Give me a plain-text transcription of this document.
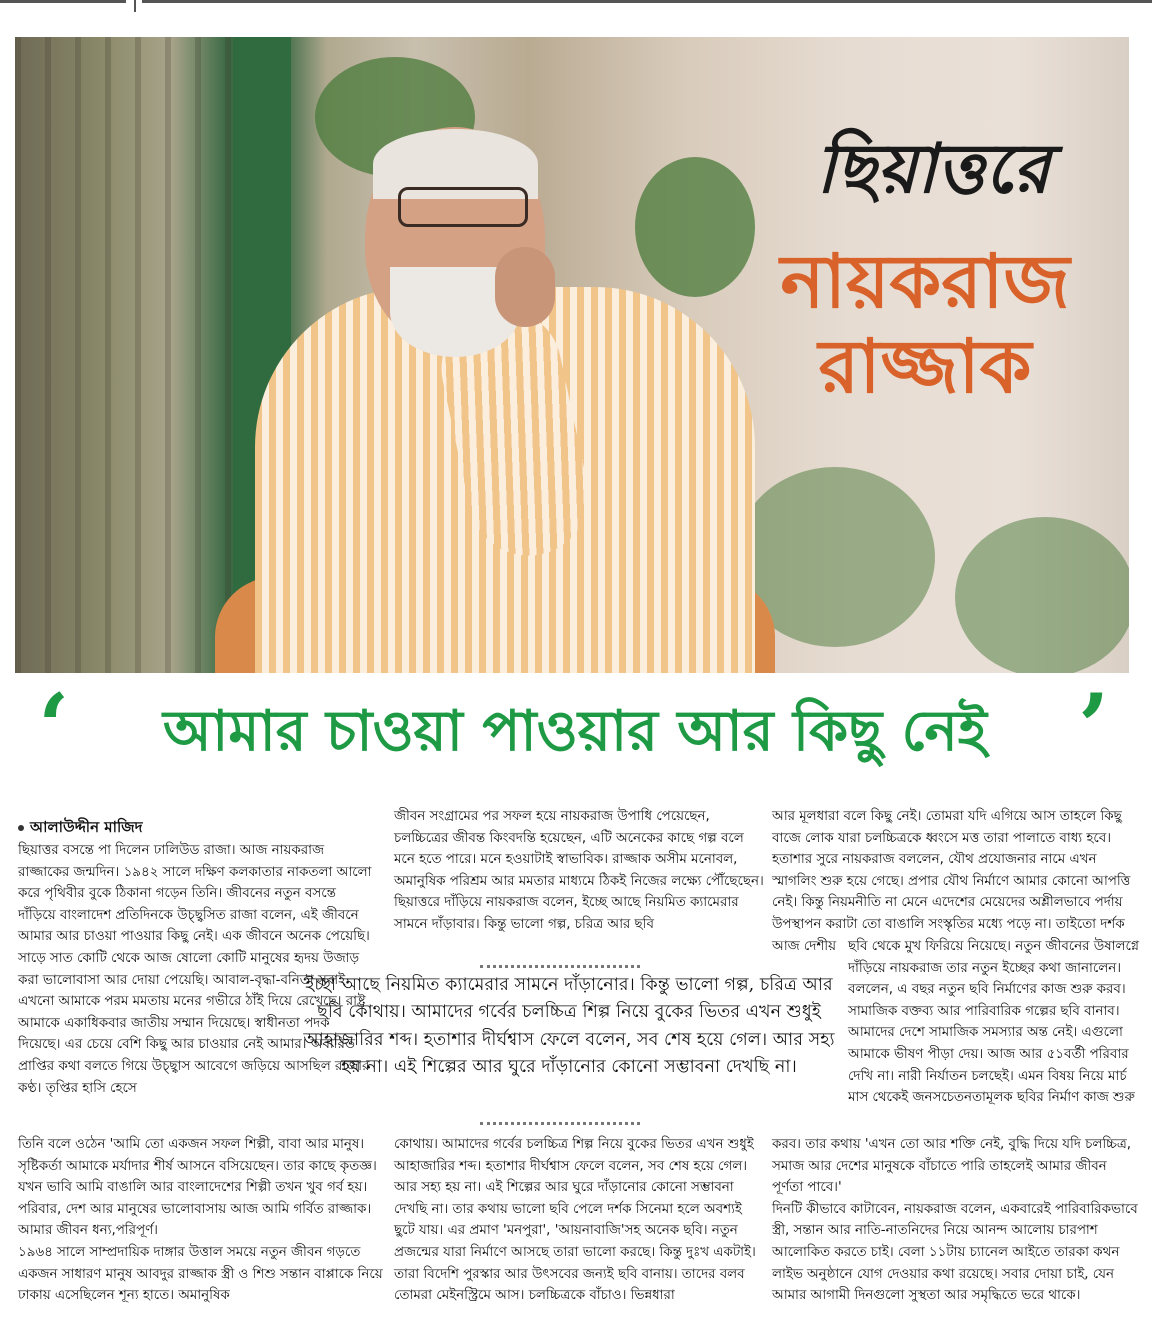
ছিয়াত্তরে
নায়করাজ
রাজ্জাক
‘	আমার চাওয়া পাওয়ার আর কিছু নেই	’
আলাউদ্দীন মাজিদ

ছিয়াত্তর বসন্তে পা দিলেন ঢালিউড রাজা। আজ নায়করাজ রাজ্জাকের জন্মদিন। ১৯৪২ সালে দক্ষিণ কলকাতার নাকতলা আলো করে পৃথিবীর বুকে ঠিকানা গড়েন তিনি। জীবনের নতুন বসন্তে দাঁড়িয়ে বাংলাদেশ প্রতিদিনকে উচ্ছ্বসিত রাজা বলেন, এই জীবনে আমার আর চাওয়া পাওয়ার কিছু নেই। এক জীবনে অনেক পেয়েছি। সাড়ে সাত কোটি থেকে আজ ষোলো কোটি মানুষের হৃদয় উজাড় করা ভালোবাসা আর দোয়া পেয়েছি। আবাল-বৃদ্ধা-বনিতা সবাই এখনো আমাকে পরম মমতায় মনের গভীরে ঠাঁই দিয়ে রেখেছে। রাষ্ট্র আমাকে একাধিকবার জাতীয় সম্মান দিয়েছে। স্বাধীনতা পদক দিয়েছে। এর চেয়ে বেশি কিছু আর চাওয়ার নেই আমার। অবারিত প্রাপ্তির কথা বলতে গিয়ে উচ্ছ্বাস আবেগে জড়িয়ে আসছিল রাজার কণ্ঠ। তৃপ্তির হাসি হেসে

তিনি বলে ওঠেন 'আমি তো একজন সফল শিল্পী, বাবা আর মানুষ। সৃষ্টিকর্তা আমাকে মর্যাদার শীর্ষ আসনে বসিয়েছেন। তার কাছে কৃতজ্ঞ। যখন ভাবি আমি বাঙালি আর বাংলাদেশের শিল্পী তখন খুব গর্ব হয়। পরিবার, দেশ আর মানুষের ভালোবাসায় আজ আমি গর্বিত রাজ্জাক। আমার জীবন ধন্য,পরিপূর্ণ।

১৯৬৪ সালে সাম্প্রদায়িক দাঙ্গার উত্তাল সময়ে নতুন জীবন গড়তে একজন সাধারণ মানুষ আবদুর রাজ্জাক স্ত্রী ও শিশু সন্তান বাপ্পাকে নিয়ে ঢাকায় এসেছিলেন শূন্য হাতে। অমানুষিক

জীবন সংগ্রামের পর সফল হয়ে নায়করাজ উপাধি পেয়েছেন, চলচ্চিত্রের জীবন্ত কিংবদন্তি হয়েছেন, এটি অনেকের কাছে গল্প বলে মনে হতে পারে। মনে হওয়াটাই স্বাভাবিক। রাজ্জাক অসীম মনোবল, অমানুষিক পরিশ্রম আর মমতার মাধ্যমে ঠিকই নিজের লক্ষ্যে পৌঁছেছেন।

ছিয়াত্তরে দাঁড়িয়ে নায়করাজ বলেন, ইচ্ছে আছে নিয়মিত ক্যামেরার সামনে দাঁড়াবার। কিন্তু ভালো গল্প, চরিত্র আর ছবি

ইচ্ছা আছে নিয়মিত ক্যামেরার সামনে দাঁড়ানোর। কিন্তু ভালো গল্প, চরিত্র আর ছবি কোথায়। আমাদের গর্বের চলচ্চিত্র শিল্প নিয়ে বুকের ভিতর এখন শুধুই আহাজারির শব্দ। হতাশার দীর্ঘশ্বাস ফেলে বলেন, সব শেষ হয়ে গেল। আর সহ্য হয় না। এই শিল্পের আর ঘুরে দাঁড়ানোর কোনো সম্ভাবনা দেখছি না।

কোথায়। আমাদের গর্বের চলচ্চিত্র শিল্প নিয়ে বুকের ভিতর এখন শুধুই আহাজারির শব্দ। হতাশার দীর্ঘশ্বাস ফেলে বলেন, সব শেষ হয়ে গেল। আর সহ্য হয় না। এই শিল্পের আর ঘুরে দাঁড়ানোর কোনো সম্ভাবনা দেখছি না। তার কথায় ভালো ছবি পেলে দর্শক সিনেমা হলে অবশ্যই ছুটে যায়। এর প্রমাণ 'মনপুরা', 'আয়নাবাজি'সহ অনেক ছবি। নতুন প্রজন্মের যারা নির্মাণে আসছে তারা ভালো করছে। কিন্তু দুঃখ একটাই। তারা বিদেশি পুরস্কার আর উৎসবের জন্যই ছবি বানায়। তাদের বলব তোমরা মেইনস্ট্রিমে আস। চলচ্চিত্রকে বাঁচাও। ভিন্নধারা

আর মূলধারা বলে কিছু নেই। তোমরা যদি এগিয়ে আস তাহলে কিছু বাজে লোক যারা চলচ্চিত্রকে ধ্বংসে মত্ত তারা পালাতে বাধ্য হবে। হতাশার সুরে নায়করাজ বললেন, যৌথ প্রযোজনার নামে এখন স্মাগলিং শুরু হয়ে গেছে। প্রপার যৌথ নির্মাণে আমার কোনো আপত্তি নেই। কিন্তু নিয়মনীতি না মেনে এদেশের মেয়েদের অশ্লীলভাবে পর্দায় উপস্থাপন করাটা তো বাঙালি সংস্কৃতির মধ্যে পড়ে না। তাইতো দর্শক আজ দেশীয় ছবি থেকে মুখ ফিরিয়ে নিয়েছে। নতুন জীবনের উষালগ্নে দাঁড়িয়ে নায়করাজ তার নতুন ইচ্ছের কথা জানালেন। বললেন, এ বছর নতুন ছবি নির্মাণের কাজ শুরু করব। সামাজিক বক্তব্য আর পারিবারিক গল্পের ছবি বানাব। আমাদের দেশে সামাজিক সমস্যার অন্ত নেই। এগুলো আমাকে ভীষণ পীড়া দেয়। আজ আর ৫১বর্তী পরিবার দেখি না। নারী নির্যাতন চলছেই। এমন বিষয় নিয়ে মার্চ মাস থেকেই জনসচেতনতামূলক ছবির নির্মাণ কাজ শুরু

করব। তার কথায় 'এখন তো আর শক্তি নেই, বুদ্ধি দিয়ে যদি চলচ্চিত্র, সমাজ আর দেশের মানুষকে বাঁচাতে পারি তাহলেই আমার জীবন পূর্ণতা পাবে।'

দিনটি কীভাবে কাটাবেন, নায়করাজ বলেন, একবারেই পারিবারিকভাবে স্ত্রী, সন্তান আর নাতি-নাতনিদের নিয়ে আনন্দ আলোয় চারপাশ আলোকিত করতে চাই। বেলা ১১টায় চ্যানেল আইতে তারকা কথন লাইভ অনুষ্ঠানে যোগ দেওয়ার কথা রয়েছে। সবার দোয়া চাই, যেন আমার আগামী দিনগুলো সুস্থতা আর সমৃদ্ধিতে ভরে থাকে।
